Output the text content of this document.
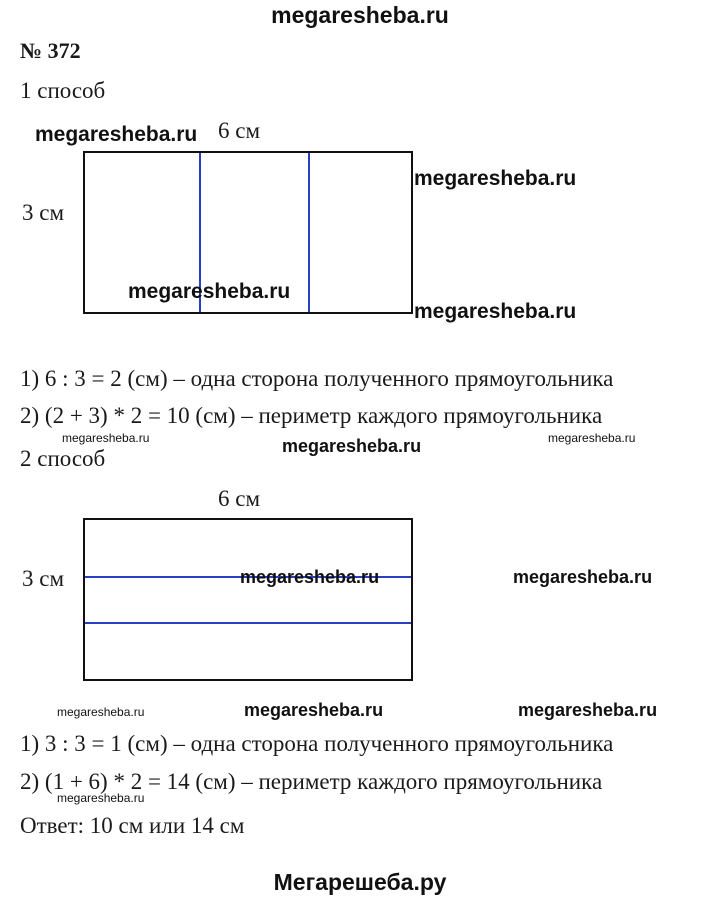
megaresheba.ru
№ 372
1 способ
megaresheba.ru 6 см
3 см
megaresheba.ru
megaresheba.ru
megaresheba.ru
1) 6 : 3 = 2 (см) – одна сторона полученного прямоугольника
2) (2 + 3) * 2 = 10 (см) – периметр каждого прямоугольника
megaresheba.ru	megaresheba.ru	megaresheba.ru
2 способ
6 см
3 см	megaresheba.ru	megaresheba.ru
megaresheba.ru	megaresheba.ru	megaresheba.ru
1) 3 : 3 = 1 (см) – одна сторона полученного прямоугольника
2) (1 + 6) * 2 = 14 (см) – периметр каждого прямоугольника
megaresheba.ru
Ответ: 10 см или 14 см
Мегарешеба.ру
